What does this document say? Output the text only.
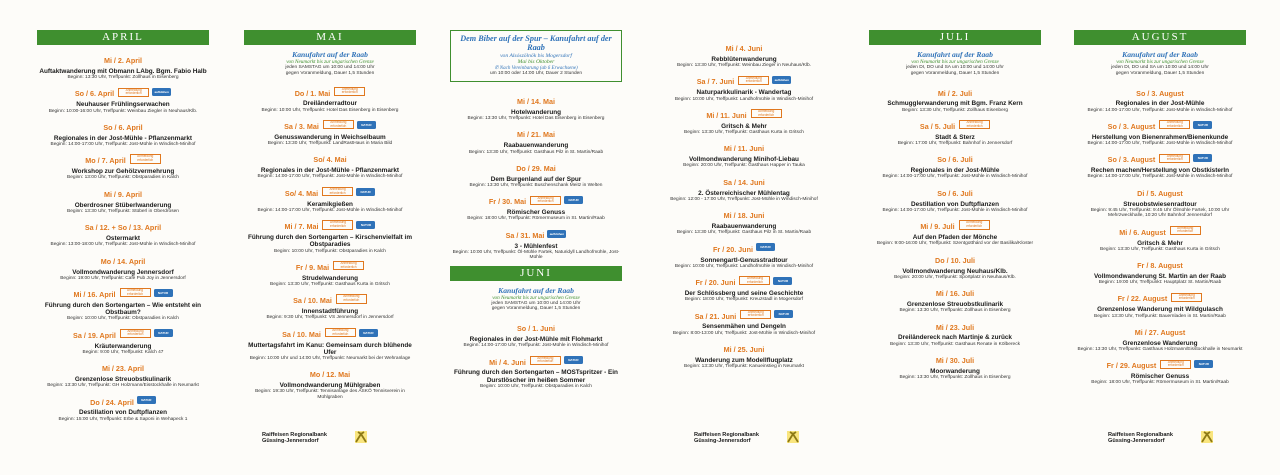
APRIL
Mi / 2. April
Auftaktwanderung mit Obmann LAbg. Bgm. Fabio Halb
Beginn: 13:30 Uhr, Treffpunkt: Zollhaus in Eisenberg
So / 6. April	Anmeldung erforderlich	aufblühen
Neuhauser Frühlingserwachen
Beginn: 10:00-16:00 Uhr, Treffpunkt: Weinbau Ziegler in Neuhaus/Klb.
So / 6. April
Regionales in der Jost-Mühle - Pflanzenmarkt
Beginn: 14:00-17:00 Uhr, Treffpunkt: Jost-Mühle in Windisch-Minihof
Mo / 7. April	Anmeldung erforderlich
Workshop zur Gehölzvermehrung
Beginn: 13:00 Uhr, Treffpunkt: Obstparadies in Kalch
Mi / 9. April
Oberdrosner Stüberlwanderung
Beginn: 13:30 Uhr, Treffpunkt: Stüberl in Oberdrosen
Sa / 12. + So / 13. April
Ostermarkt
Beginn: 13:00-18:00 Uhr, Treffpunkt: Jost-Mühle in Windisch-Minihof
Mo / 14. April
Vollmondwanderung Jennersdorf
Beginn: 19:00 Uhr, Treffpunkt: Café Pub Joy in Jennersdorf
Mi / 16. April	Anmeldung erforderlich	NATUR
Führung durch den Sortengarten – Wie entsteht ein Obstbaum?
Beginn: 10:00 Uhr, Treffpunkt: Obstparadies in Kalch
Sa / 19. April	Anmeldung erforderlich	NATUR
Kräuterwanderung
Beginn: 9:00 Uhr, Treffpunkt: Kalch 47
Mi / 23. April
Grenzenlose Streuobstkulinarik
Beginn: 13:30 Uhr, Treffpunkt: GH Holzmann/Eisstockhalle in Neumarkt
Do / 24. April NATUR
Destillation von Duftpflanzen
Beginn: 15:00 Uhr, Treffpunkt: Erbe & Saponi in Wehapeck 1
MAI
Kanufahrt auf der Raab
von Neumarkt bis zur ungarischen Grenze
jeden SAMSTAG um 10:00 und 14:00 Uhr
gegen Voranmeldung, Dauer 1,5 Stunden
Do / 1. Mai	Anmeldung erforderlich
Dreiländerradtour
Beginn: 10:00 Uhr, Treffpunkt: Hotel Das Eisenberg in Eisenberg
Sa / 3. Mai	Anmeldung erforderlich	NATUR
Genusswanderung in Weichselbaum
Beginn: 13:30 Uhr, Treffpunkt: LandRastHaus in Maria Bild
So/ 4. Mai
Regionales in der Jost-Mühle - Pflanzenmarkt
Beginn: 14:00-17:00 Uhr, Treffpunkt: Jost-Mühle in Windisch-Minihof
So/ 4. Mai	Anmeldung erforderlich	NATUR
Keramikgießen
Beginn: 14:00-17:00 Uhr, Treffpunkt: Jost-Mühle in Windisch-Minihof
Mi / 7. Mai	Anmeldung erforderlich	NATUR
Führung durch den Sortengarten – Kirschenvielfalt im Obstparadies
Beginn: 10:00 Uhr, Treffpunkt: Obstparadies in Kalch
Fr / 9. Mai	Anmeldung erforderlich
Strudelwanderung
Beginn: 13:30 Uhr, Treffpunkt: Gasthaus Kurta in Gritsch
Sa / 10. Mai	Anmeldung erforderlich
Innenstadtführung
Beginn: 9:30 Uhr, Treffpunkt: VS Jennersdorf in Jennersdorf
Sa / 10. Mai	Anmeldung erforderlich	NATUR
Muttertagsfahrt im Kanu: Gemeinsam durch blühende Ufer
Beginn: 10:00 Uhr und 14:00 Uhr, Treffpunkt: Neumarkt bei der Wehranlage
Mo / 12. Mai
Vollmondwanderung Mühlgraben
Beginn: 19:30 Uhr, Treffpunkt: Tennisanlage des ASKÖ Tennisverein in Mühlgraben
Raiffeisen Regionalbank Güssing-Jennersdorf
Dem Biber auf der Spur – Kanufahrt auf der Raab
von Alsószölnök bis Mogersdorf
Mai bis Oktober
✆ Nach Vereinbarung (ab 6 Erwachsene)
um 10:00 oder 14:00 Uhr, Dauer 2 Stunden
Mi / 14. Mai
Hotelwanderung
Beginn: 13:30 Uhr, Treffpunkt: Hotel Das Eisenberg in Eisenberg
Mi / 21. Mai
Raabauenwanderung
Beginn: 13:30 Uhr, Treffpunkt: Gasthaus Pilz in St. Martin/Raab
Do / 29. Mai
Dem Burgenland auf der Spur
Beginn: 13:30 Uhr, Treffpunkt: Buschenschank Meitz in Welten
Fr / 30. Mai	Anmeldung erforderlich	NATUR
Römischer Genuss
Beginn: 18:00 Uhr, Treffpunkt: Römermuseum in St. Martin/Raab
Sa / 31. Mai aufblühen
3 - Mühlenfest
Beginn: 10:00 Uhr, Treffpunkt: Öl-Mühle Fartek, Naturidyll Landhofmühle, Jost-Mühle
JUNI
Kanufahrt auf der Raab
von Neumarkt bis zur ungarischen Grenze
jeden SAMSTAG um 10:00 und 14:00 Uhr
gegen Voranmeldung, Dauer 1,5 Stunden
So / 1. Juni
Regionales in der Jost-Mühle mit Flohmarkt
Beginn: 14:00-17:00 Uhr, Treffpunkt: Jost-Mühle in Windisch-Minihof
Mi / 4. Juni	Anmeldung erforderlich	NATUR
Führung durch den Sortengarten – MOSTspritzer - Ein Durstlöscher im heißen Sommer
Beginn: 10:00 Uhr, Treffpunkt: Obstparadies in Kalch
Mi / 4. Juni
Rebblütenwanderung
Beginn: 13:30 Uhr, Treffpunkt: Weinbau Zieger in Neuhaus/Klb.
Sa / 7. Juni	Anmeldung erforderlich	aufblühen
Naturparkkulinarik - Wandertag
Beginn: 10:00 Uhr, Treffpunkt: Landhofmühle in Windisch-Minihof
Mi / 11. Juni	Anmeldung erforderlich
Gritsch & Mehr
Beginn: 13:30 Uhr, Treffpunkt: Gasthaus Kurta in Gritsch
Mi / 11. Juni
Vollmondwanderung Minihof-Liebau
Beginn: 20:00 Uhr, Treffpunkt: Gasthaus Happer in Tauka
Sa / 14. Juni
2. Österreichischer Mühlentag
Beginn: 12:00 - 17:00 Uhr, Treffpunkt: Jost-Mühle in Windisch-Minihof
Mi / 18. Juni
Raabauenwanderung
Beginn: 13:30 Uhr, Treffpunkt: Gasthaus Pilz in St. Martin/Raab
Fr / 20. Juni NATUR
Sonnengartl-Genusstradtour
Beginn: 10:00 Uhr, Treffpunkt: Landhofmühle in Windisch-Minihof
Fr / 20. Juni	Anmeldung erforderlich	NATUR
Der Schlössberg und seine Geschichte
Beginn: 18:00 Uhr, Treffpunkt: Kreuzstadl in Mogersdorf
Sa / 21. Juni	Anmeldung erforderlich	NATUR
Sensenmähen und Dengeln
Beginn: 8:00-13:00 Uhr, Treffpunkt: Jost-Mühle in Windisch-Minihof
Mi / 25. Juni
Wanderung zum Modellfluqplatz
Beginn: 13:30 Uhr, Treffpunkt: Kanueinstieg in Neumarkt
Raiffeisen Regionalbank Güssing-Jennersdorf
JULI
Kanufahrt auf der Raab
von Neumarkt bis zur ungarischen Grenze
jeden DI, DO und SA um 10:00 und 14:00 Uhr
gegen Voranmeldung, Dauer 1,5 Stunden
Mi / 2. Juli
Schmugglerwanderung mit Bgm. Franz Kern
Beginn: 13:30 Uhr, Treffpunkt: Zollhaus Eisenberg
Sa / 5. Juli	Anmeldung erforderlich
Stadt & Sterz
Beginn: 17:00 Uhr, Treffpunkt: Bahnhof in Jennersdorf
So / 6. Juli
Regionales in der Jost-Mühle
Beginn: 14:00-17:00 Uhr, Treffpunkt: Jost-Mühle in Windisch-Minihof
So / 6. Juli
Destillation von Duftpflanzen
Beginn: 14:00-17:00 Uhr, Treffpunkt: Jost-Mühle in Windisch-Minihof
Mi / 9. Juli	Anmeldung erforderlich
Auf den Pfaden der Mönche
Beginn: 9:00-16:00 Uhr, Treffpunkt: Szentgotthárd vor der Basilika/Kloster
Do / 10. Juli
Vollmondwanderung Neuhaus/Klb.
Beginn: 20:00 Uhr, Treffpunkt: Sportplatz in Neuhaus/Klb.
Mi / 16. Juli
Grenzenlose Streuobstkulinarik
Beginn: 13:30 Uhr, Treffpunkt: Zollhaus in Eisenberg
Mi / 23. Juli
Dreiländereck nach Martinje & zurück
Beginn: 13:30 Uhr, Treffpunkt: Gasthaus Renate in Kölbereck
Mi / 30. Juli
Moorwanderung
Beginn: 13:30 Uhr, Treffpunkt: Zollhaus in Eisenberg
AUGUST
Kanufahrt auf der Raab
von Neumarkt bis zur ungarischen Grenze
jeden DI, DO und SA um 10:00 und 14:00 Uhr
gegen Voranmeldung, Dauer 1,5 Stunden
So / 3. August
Regionales in der Jost-Mühle
Beginn: 14:00-17:00 Uhr, Treffpunkt: Jost-Mühle in Windisch-Minihof
So / 3. August	Anmeldung erforderlich	NATUR
Herstellung von Bienenrahmen/Bienenkunde
Beginn: 14:00-17:00 Uhr, Treffpunkt: Jost-Mühle in Windisch-Minihof
So / 3. August	Anmeldung erforderlich	NATUR
Rechen machen/Herstellung von Obstkisterln
Beginn: 14:00-17:00 Uhr, Treffpunkt: Jost-Mühle in Windisch-Minihof
Di / 5. August
Streuobstwiesenradtour
Beginn: 9:45 Uhr, Treffpunkt: 9:45 Uhr Ölmühle Fartek, 10:00 Uhr Mehrzweckhalle, 10:20 Uhr Bahnhof Jennersdorf
Mi / 6. August	Anmeldung erforderlich
Gritsch & Mehr
Beginn: 13:30 Uhr, Treffpunkt: Gasthaus Kurta in Gritsch
Fr / 8. August
Vollmondwanderung St. Martin an der Raab
Beginn: 19:00 Uhr, Treffpunkt: Hauptplatz St. Martin/Raab
Fr / 22. August	Anmeldung erforderlich
Grenzenlose Wanderung mit Wildgulasch
Beginn: 13:30 Uhr, Treffpunkt: Bauernladen in St. Martin/Raab
Mi / 27. August
Grenzenlose Wanderung
Beginn: 13:30 Uhr, Treffpunkt: Gasthaus Holzmann/Eisstockhalle in Neumarkt
Fr / 29. August	Anmeldung erforderlich	NATUR
Römischer Genuss
Beginn: 18:00 Uhr, Treffpunkt: Römermuseum in St. Martin/Raab
Raiffeisen Regionalbank Güssing-Jennersdorf
